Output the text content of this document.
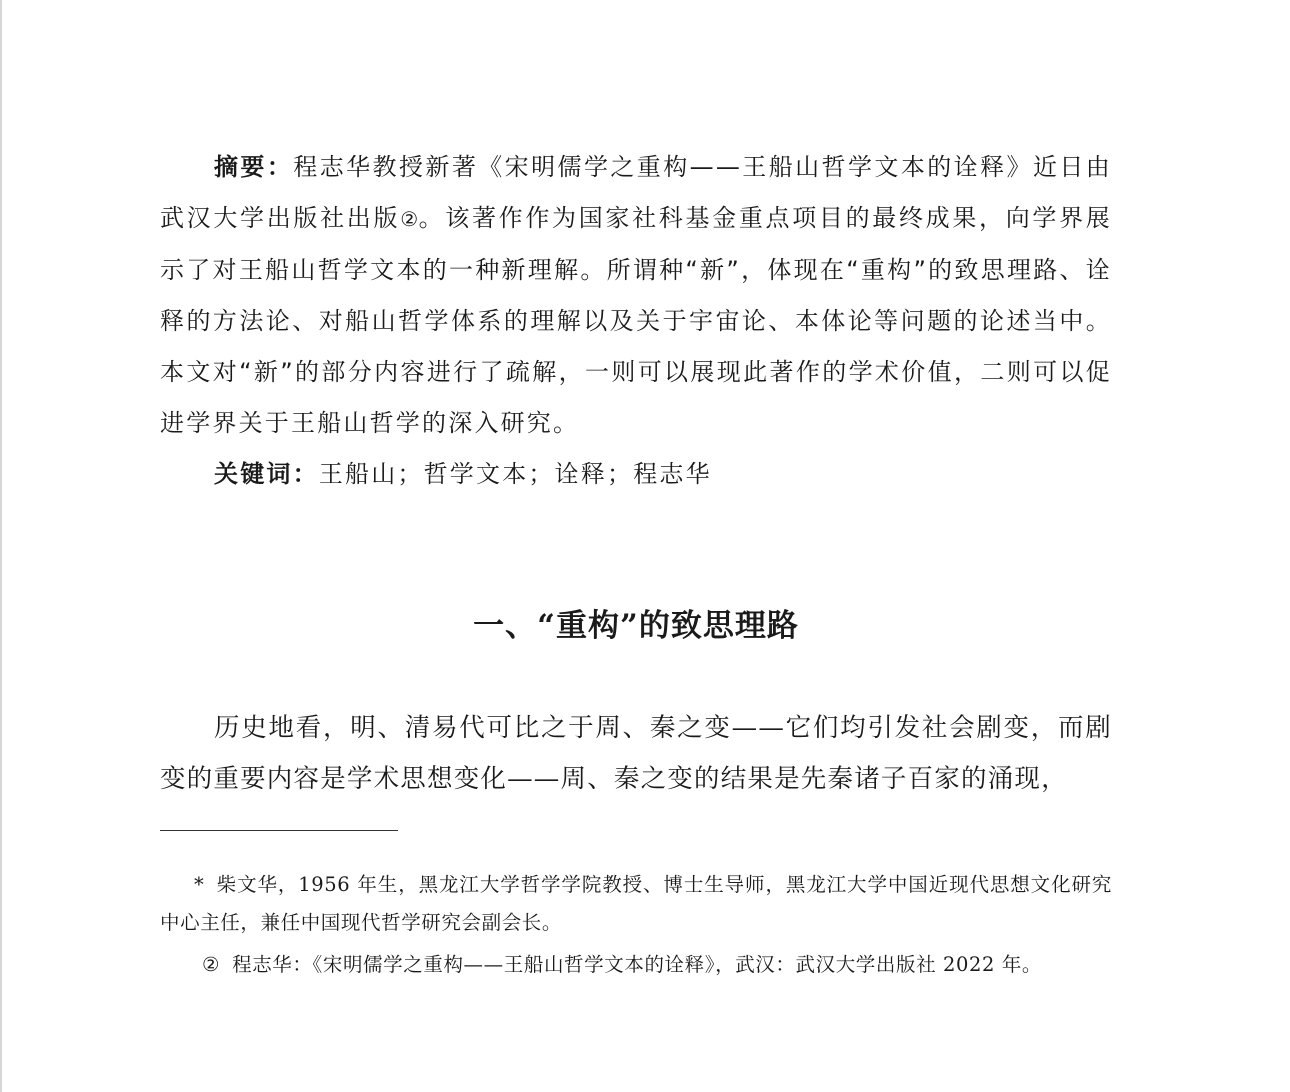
摘要：程志华教授新著《宋明儒学之重构——王船山哲学文本的诠释》近日由武汉大学出版社出版②。该著作作为国家社科基金重点项目的最终成果，向学界展示了对王船山哲学文本的一种新理解。所谓种“新”，体现在“重构”的致思理路、诠释的方法论、对船山哲学体系的理解以及关于宇宙论、本体论等问题的论述当中。本文对“新”的部分内容进行了疏解，一则可以展现此著作的学术价值，二则可以促进学界关于王船山哲学的深入研究。

关键词：王船山；哲学文本；诠释；程志华

一、“重构”的致思理路

历史地看，明、清易代可比之于周、秦之变——它们均引发社会剧变，而剧变的重要内容是学术思想变化——周、秦之变的结果是先秦诸子百家的涌现，

* 柴文华，1956 年生，黑龙江大学哲学学院教授、博士生导师，黑龙江大学中国近现代思想文化研究中心主任，兼任中国现代哲学研究会副会长。

② 程志华：《宋明儒学之重构——王船山哲学文本的诠释》，武汉：武汉大学出版社 2022 年。
